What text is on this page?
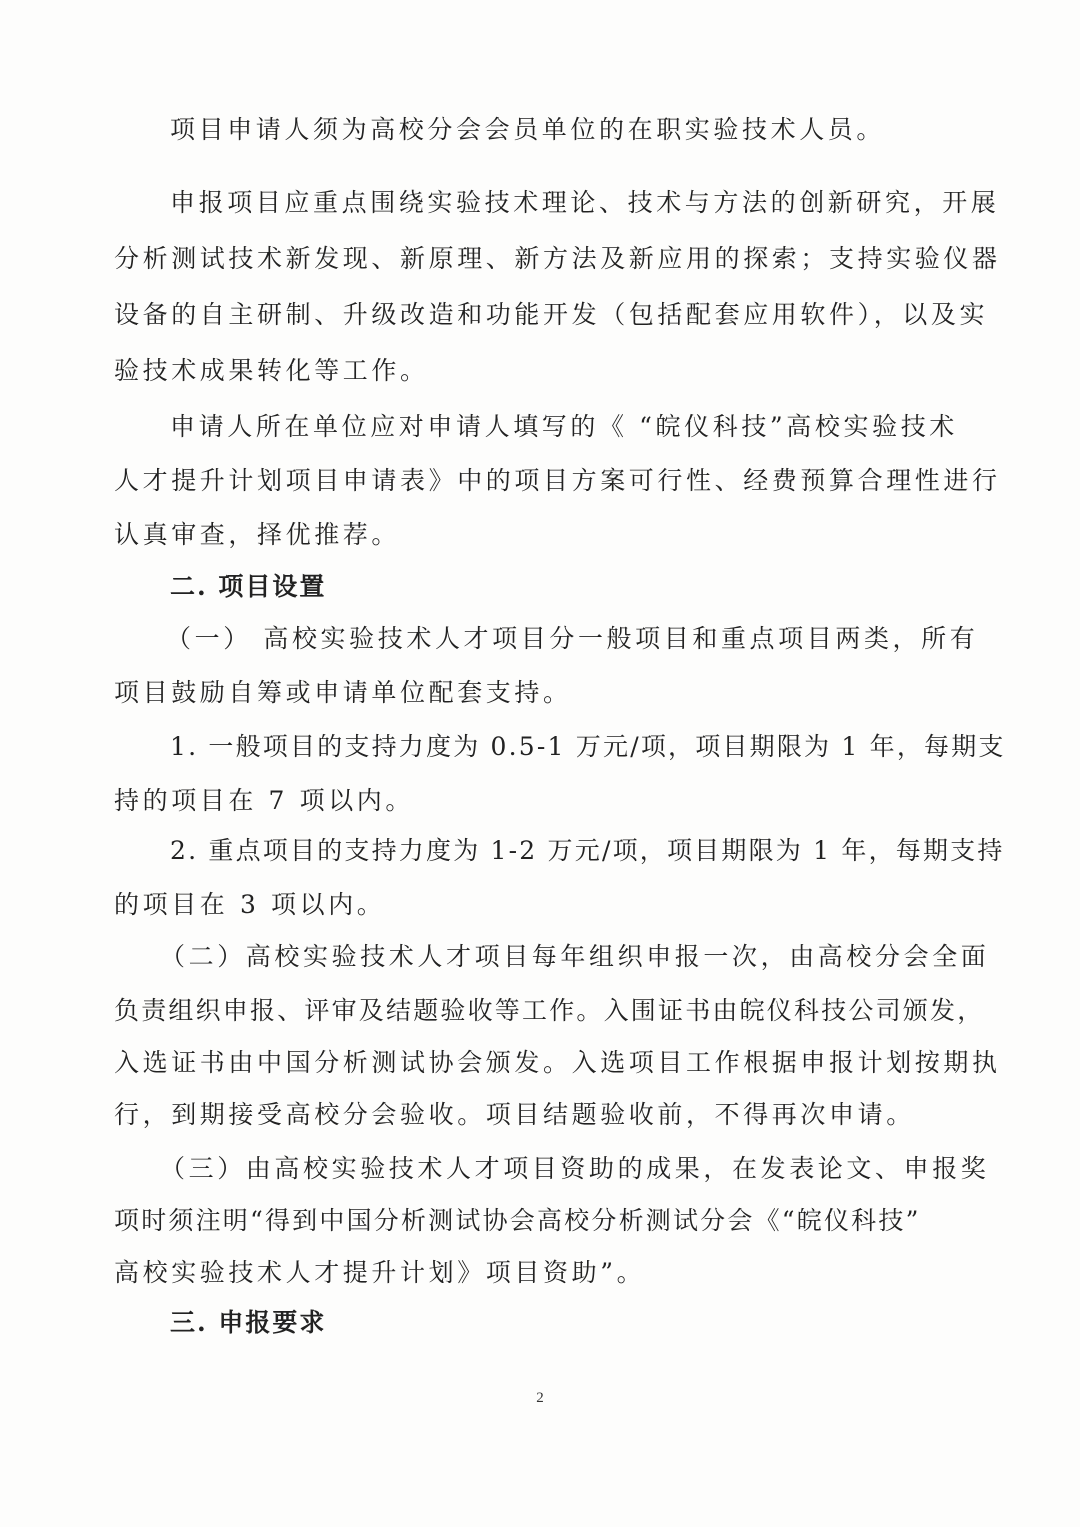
项目申请人须为高校分会会员单位的在职实验技术人员。
申报项目应重点围绕实验技术理论、技术与方法的创新研究，开展
分析测试技术新发现、新原理、新方法及新应用的探索；支持实验仪器
设备的自主研制、升级改造和功能开发（包括配套应用软件），以及实
验技术成果转化等工作。
申请人所在单位应对申请人填写的《 “皖仪科技”高校实验技术
人才提升计划项目申请表》中的项目方案可行性、经费预算合理性进行
认真审查，择优推荐。
二. 项目设置
（一） 高校实验技术人才项目分一般项目和重点项目两类，所有
项目鼓励自筹或申请单位配套支持。
1. 一般项目的支持力度为 0.5-1 万元/项，项目期限为 1 年，每期支
持的项目在 7 项以内。
2. 重点项目的支持力度为 1-2 万元/项，项目期限为 1 年，每期支持
的项目在 3 项以内。
（二）高校实验技术人才项目每年组织申报一次，由高校分会全面
负责组织申报、评审及结题验收等工作。入围证书由皖仪科技公司颁发，
入选证书由中国分析测试协会颁发。入选项目工作根据申报计划按期执
行，到期接受高校分会验收。项目结题验收前，不得再次申请。
（三）由高校实验技术人才项目资助的成果，在发表论文、申报奖
项时须注明“得到中国分析测试协会高校分析测试分会《“皖仪科技”
高校实验技术人才提升计划》项目资助”。
三. 申报要求
2
